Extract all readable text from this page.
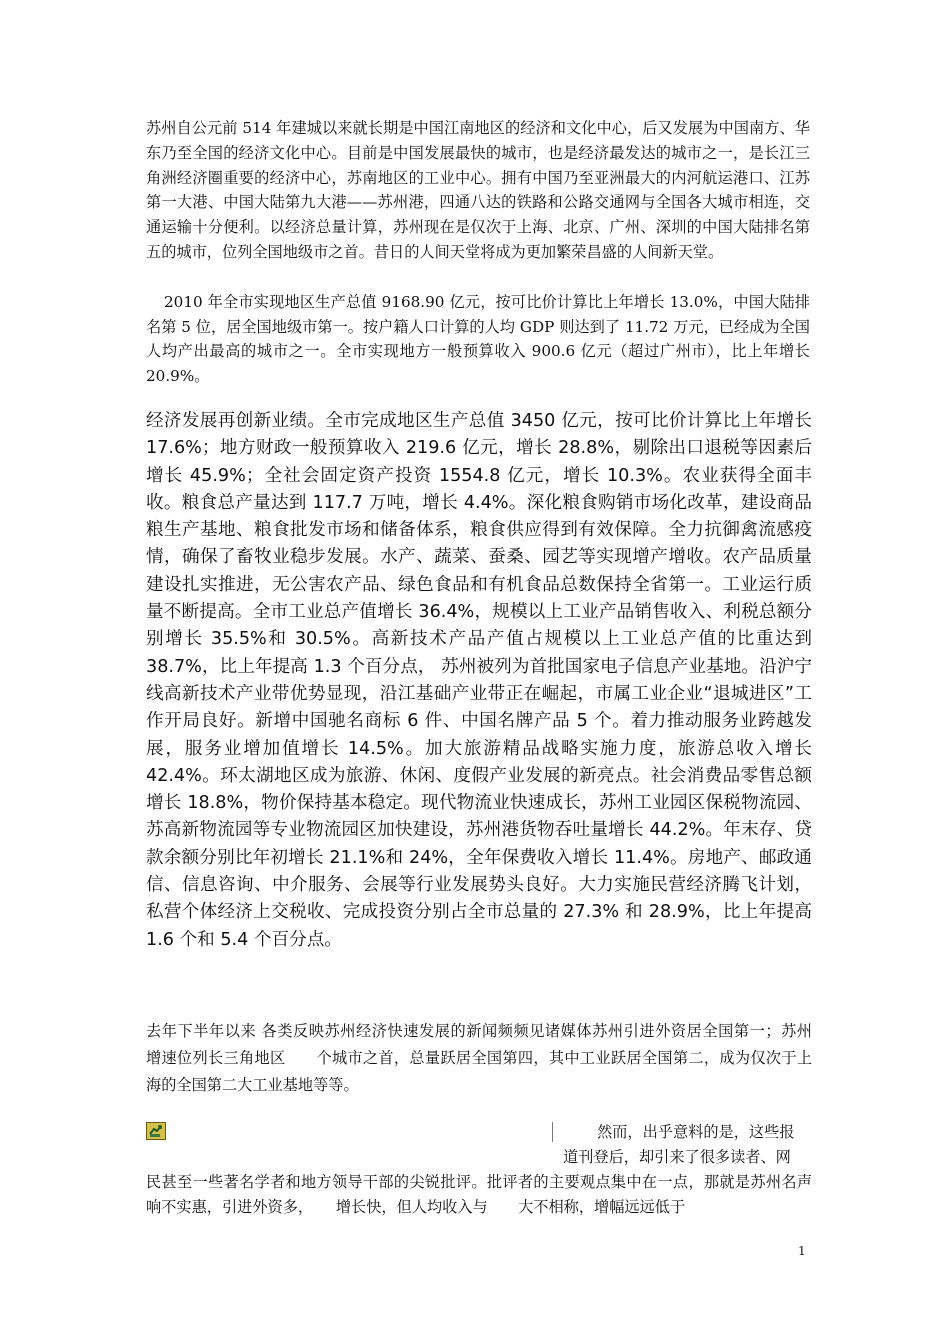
苏州自公元前 514 年建城以来就长期是中国江南地区的经济和文化中心，后又发展为中国南方、华东乃至全国的经济文化中心。目前是中国发展最快的城市，也是经济最发达的城市之一，是长江三角洲经济圈重要的经济中心，苏南地区的工业中心。拥有中国乃至亚洲最大的内河航运港口、江苏第一大港、中国大陆第九大港——苏州港，四通八达的铁路和公路交通网与全国各大城市相连，交通运输十分便利。以经济总量计算，苏州现在是仅次于上海、北京、广州、深圳的中国大陆排名第五的城市，位列全国地级市之首。昔日的人间天堂将成为更加繁荣昌盛的人间新天堂。

2010 年全市实现地区生产总值 9168.90 亿元，按可比价计算比上年增长 13.0%，中国大陆排名第 5 位，居全国地级市第一。按户籍人口计算的人均 GDP 则达到了 11.72 万元，已经成为全国人均产出最高的城市之一。全市实现地方一般预算收入 900.6 亿元（超过广州市），比上年增长 20.9%。

经济发展再创新业绩。全市完成地区生产总值 3450 亿元，按可比价计算比上年增长 17.6%；地方财政一般预算收入 219.6 亿元，增长 28.8%，剔除出口退税等因素后增长 45.9%；全社会固定资产投资 1554.8 亿元，增长 10.3%。农业获得全面丰收。粮食总产量达到 117.7 万吨，增长 4.4%。深化粮食购销市场化改革，建设商品粮生产基地、粮食批发市场和储备体系，粮食供应得到有效保障。全力抗御禽流感疫情，确保了畜牧业稳步发展。水产、蔬菜、蚕桑、园艺等实现增产增收。农产品质量建设扎实推进，无公害农产品、绿色食品和有机食品总数保持全省第一。工业运行质量不断提高。全市工业总产值增长 36.4%，规模以上工业产品销售收入、利税总额分别增长 35.5%和 30.5%。高新技术产品产值占规模以上工业总产值的比重达到 38.7%，比上年提高 1.3 个百分点， 苏州被列为首批国家电子信息产业基地。沿沪宁线高新技术产业带优势显现，沿江基础产业带正在崛起，市属工业企业“退城进区”工作开局良好。新增中国驰名商标 6 件、中国名牌产品 5 个。着力推动服务业跨越发展，服务业增加值增长 14.5%。加大旅游精品战略实施力度，旅游总收入增长 42.4%。环太湖地区成为旅游、休闲、度假产业发展的新亮点。社会消费品零售总额增长 18.8%，物价保持基本稳定。现代物流业快速成长，苏州工业园区保税物流园、苏高新物流园等专业物流园区加快建设，苏州港货物吞吐量增长 44.2%。年末存、贷款余额分别比年初增长 21.1%和 24%，全年保费收入增长 11.4%。房地产、邮政通信、信息咨询、中介服务、会展等行业发展势头良好。大力实施民营经济腾飞计划，私营个体经济上交税收、完成投资分别占全市总量的 27.3% 和 28.9%，比上年提高 1.6 个和 5.4 个百分点。

去年下半年以来 各类反映苏州经济快速发展的新闻频频见诸媒体苏州引进外资居全国第一；苏州　　增速位列长三角地区　　个城市之首，总量跃居全国第四，其中工业跃居全国第二，成为仅次于上海的全国第二大工业基地等等。

然而，出乎意料的是，这些报
道刊登后，却引来了很多读者、网

民甚至一些著名学者和地方领导干部的尖锐批评。批评者的主要观点集中在一点，那就是苏州名声响不实惠，引进外资多，　　增长快，但人均收入与　　大不相称，增幅远远低于

1
